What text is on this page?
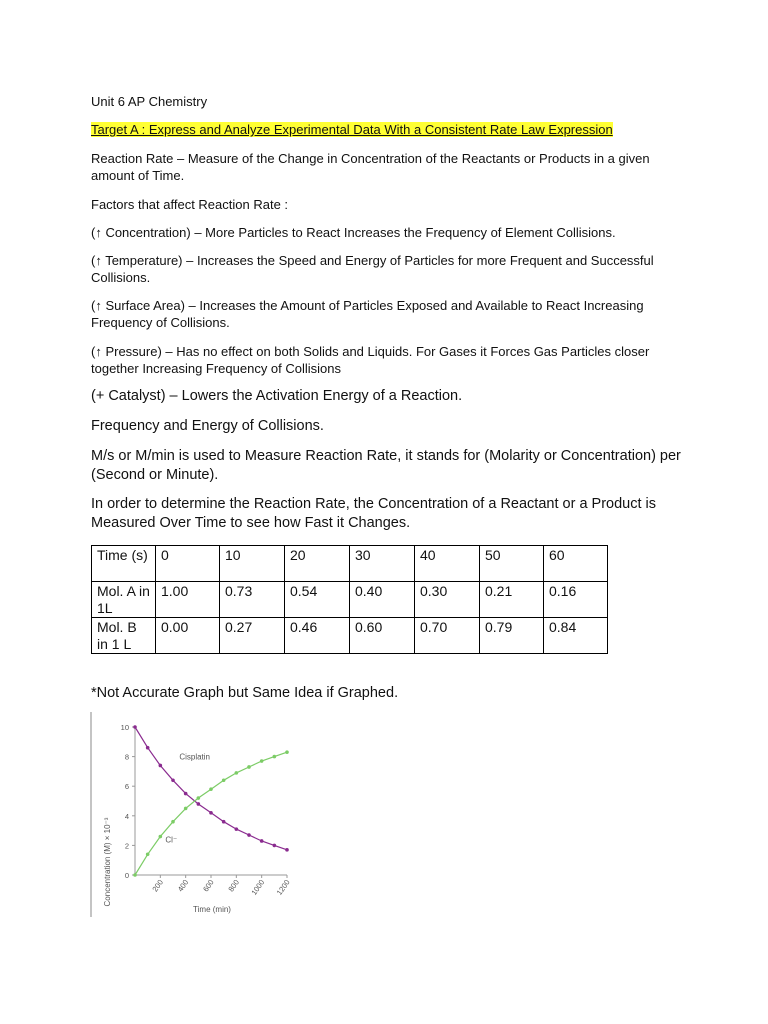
Unit 6 AP Chemistry
Target A : Express and Analyze Experimental Data With a Consistent Rate Law Expression
Reaction Rate – Measure of the Change in Concentration of the Reactants or Products in a given amount of Time.
Factors that affect Reaction Rate :
(↑ Concentration) – More Particles to React Increases the Frequency of Element Collisions.
(↑ Temperature) – Increases the Speed and Energy of Particles for more Frequent and Successful Collisions.
(↑ Surface Area) – Increases the Amount of Particles Exposed and Available to React Increasing Frequency of Collisions.
(↑ Pressure) – Has no effect on both Solids and Liquids. For Gases it Forces Gas Particles closer together Increasing Frequency of Collisions
(+ Catalyst) – Lowers the Activation Energy of a Reaction.
Frequency and Energy of Collisions.
M/s or M/min is used to Measure Reaction Rate, it stands for (Molarity or Concentration) per (Second or Minute).
In order to determine the Reaction Rate, the Concentration of a Reactant or a Product is Measured Over Time to see how Fast it Changes.
Time (s)	0	10	20	30	40	50	60
Mol. A in 1L	1.00	0.73	0.54	0.40	0.30	0.21	0.16
Mol. B in 1 L	0.00	0.27	0.46	0.60	0.70	0.79	0.84
*Not Accurate Graph but Same Idea if Graphed.
Concentration (M) × 10⁻³
Time (min)
0
2
4
6
8
10
200 400 600 800 1000 1200
Cisplatin
Cl⁻
